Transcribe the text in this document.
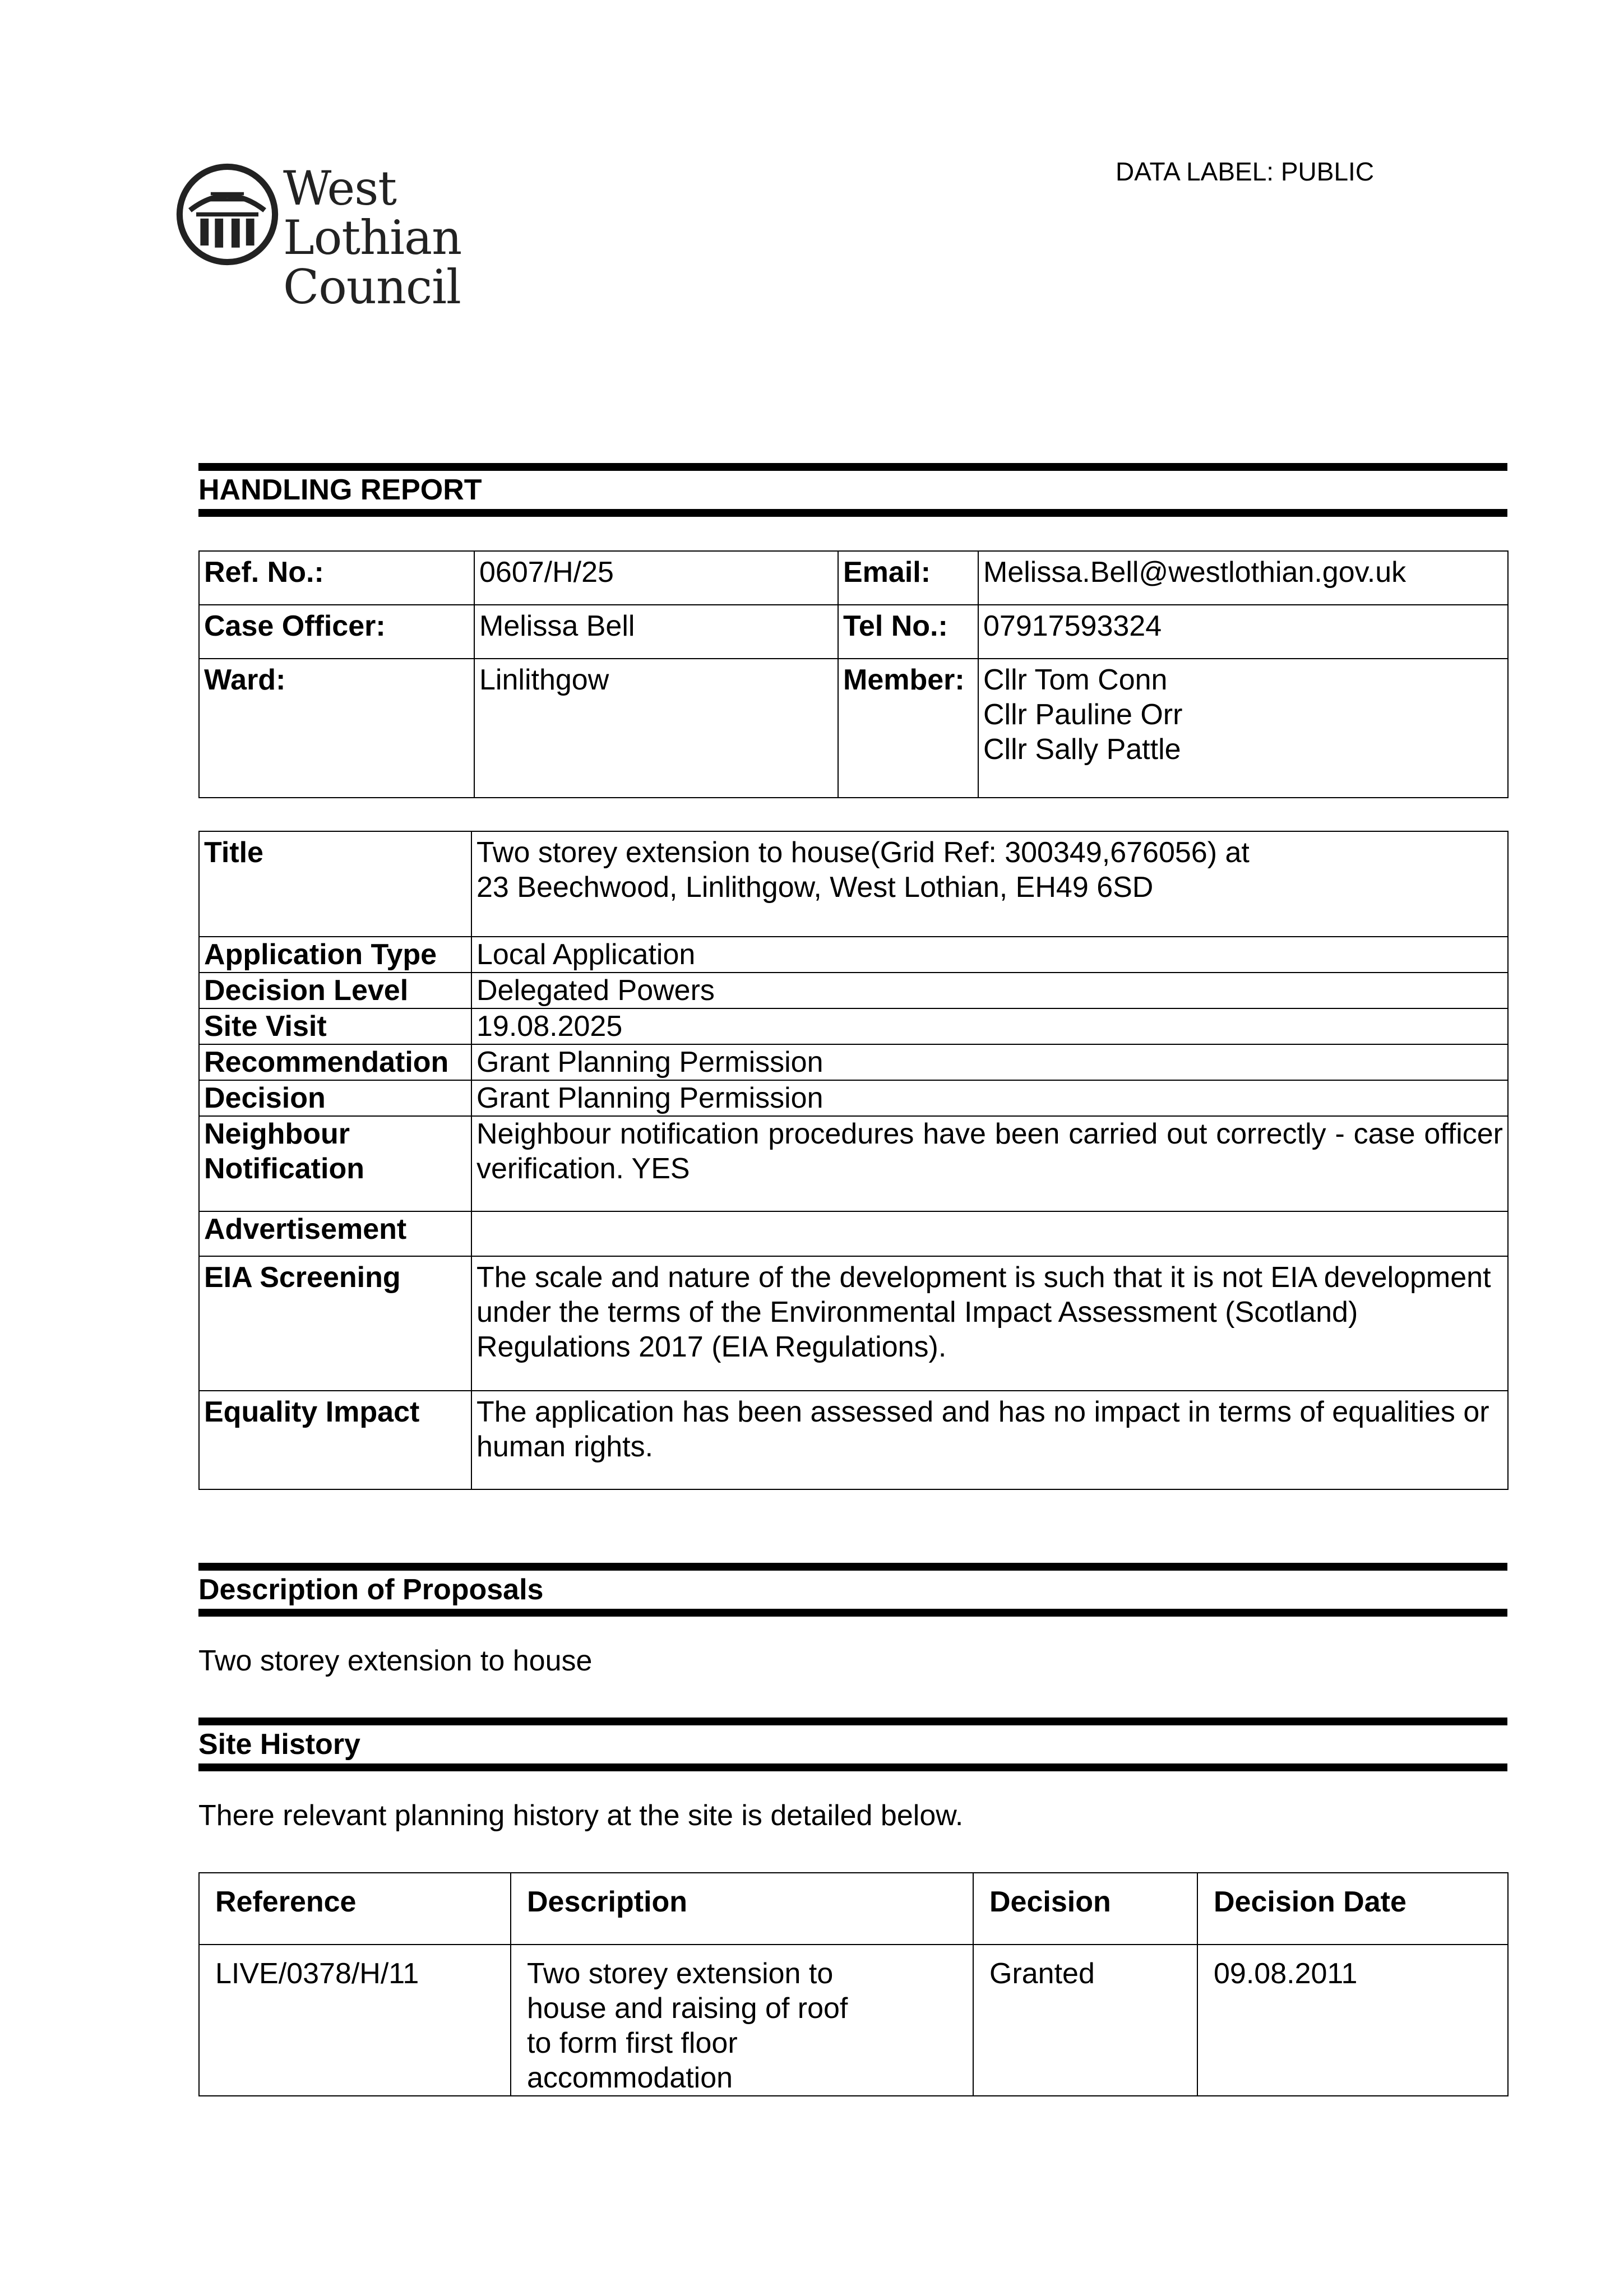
West Lothian
Council
DATA LABEL: PUBLIC
HANDLING REPORT
Ref. No.:	0607/H/25	Email:	Melissa.Bell@westlothian.gov.uk
Case Officer:	Melissa Bell	Tel No.:	07917593324
Ward:	Linlithgow	Member:	Cllr Tom Conn
Cllr Pauline Orr
Cllr Sally Pattle
Title	Two storey extension to house(Grid Ref: 300349,676056) at
23 Beechwood, Linlithgow, West Lothian, EH49 6SD

Application Type	Local Application
Decision Level	Delegated Powers
Site Visit	19.08.2025
Recommendation	Grant Planning Permission
Decision	Grant Planning Permission

Neighbour
Notification	Neighbour notification procedures have been carried out correctly - case officer verification. YES
Advertisement	
EIA Screening	The scale and nature of the development is such that it is not EIA development under the terms of the Environmental Impact Assessment (Scotland) Regulations 2017 (EIA Regulations).
Equality Impact	The application has been assessed and has no impact in terms of equalities or human rights.
Description of Proposals
Two storey extension to house
Site History
There relevant planning history at the site is detailed below.
Reference	Description	Decision	Decision Date
LIVE/0378/H/11	Two storey extension to
house and raising of roof
to form first floor
accommodation	Granted	09.08.2011
